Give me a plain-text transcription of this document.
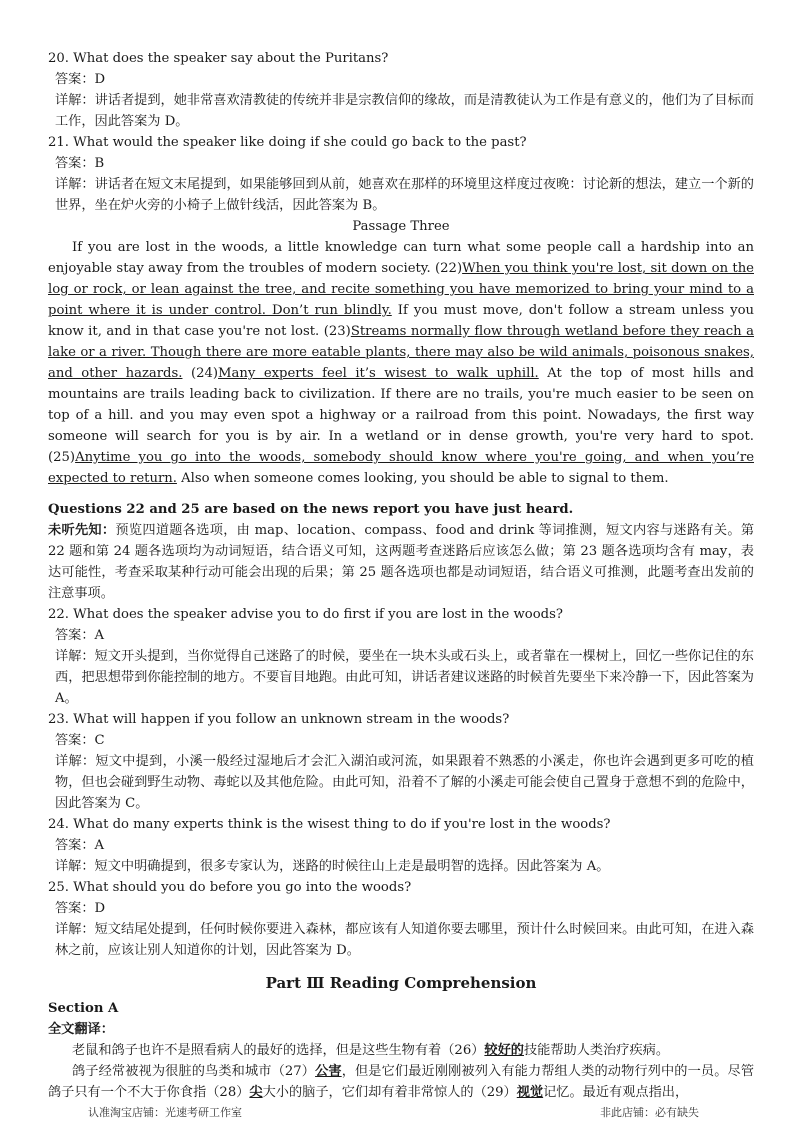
20. What does the speaker say about the Puritans?
答案：D
详解：讲话者提到，她非常喜欢清教徒的传统并非是宗教信仰的缘故，而是清教徒认为工作是有意义的，他们为了目标而工作，因此答案为 D。
21. What would the speaker like doing if she could go back to the past?
答案：B
详解：讲话者在短文末尾提到，如果能够回到从前，她喜欢在那样的环境里这样度过夜晚：讨论新的想法，建立一个新的世界，坐在炉火旁的小椅子上做针线活，因此答案为 B。
Passage Three

If you are lost in the woods, a little knowledge can turn what some people call a hardship into an enjoyable stay away from the troubles of modern society. (22)When you think you're lost, sit down on the log or rock, or lean against the tree, and recite something you have memorized to bring your mind to a point where it is under control. Don’t run blindly. If you must move, don't follow a stream unless you know it, and in that case you're not lost. (23)Streams normally flow through wetland before they reach a lake or a river. Though there are more eatable plants, there may also be wild animals, poisonous snakes, and other hazards. (24)Many experts feel it’s wisest to walk uphill. At the top of most hills and mountains are trails leading back to civilization. If there are no trails, you're much easier to be seen on top of a hill. and you may even spot a highway or a railroad from this point. Nowadays, the first way someone will search for you is by air. In a wetland or in dense growth, you're very hard to spot. (25)Anytime you go into the woods, somebody should know where you're going, and when you’re expected to return. Also when someone comes looking, you should be able to signal to them.

Questions 22 and 25 are based on the news report you have just heard.
未听先知：预览四道题各选项，由 map、location、compass、food and drink 等词推测，短文内容与迷路有关。第 22 题和第 24 题各选项均为动词短语，结合语义可知，这两题考查迷路后应该怎么做；第 23 题各选项均含有 may，表达可能性，考查采取某种行动可能会出现的后果；第 25 题各选项也都是动词短语，结合语义可推测，此题考查出发前的注意事项。
22. What does the speaker advise you to do first if you are lost in the woods?
答案：A
详解：短文开头提到，当你觉得自己迷路了的时候，要坐在一块木头或石头上，或者靠在一棵树上，回忆一些你记住的东西，把思想带到你能控制的地方。不要盲目地跑。由此可知，讲话者建议迷路的时候首先要坐下来冷静一下，因此答案为 A。
23. What will happen if you follow an unknown stream in the woods?
答案：C
详解：短文中提到，小溪一般经过湿地后才会汇入湖泊或河流，如果跟着不熟悉的小溪走，你也许会遇到更多可吃的植物，但也会碰到野生动物、毒蛇以及其他危险。由此可知，沿着不了解的小溪走可能会使自己置身于意想不到的危险中，因此答案为 C。
24. What do many experts think is the wisest thing to do if you're lost in the woods?
答案：A
详解：短文中明确提到，很多专家认为，迷路的时候往山上走是最明智的选择。因此答案为 A。
25. What should you do before you go into the woods?
答案：D
详解：短文结尾处提到，任何时候你要进入森林，都应该有人知道你要去哪里，预计什么时候回来。由此可知，在进入森林之前，应该让别人知道你的计划，因此答案为 D。
Part Ⅲ Reading Comprehension
Section A
全文翻译：

老鼠和鸽子也许不是照看病人的最好的选择，但是这些生物有着（26）较好的技能帮助人类治疗疾病。

鸽子经常被视为很脏的鸟类和城市（27）公害，但是它们最近刚刚被列入有能力帮组人类的动物行列中的一员。尽管鸽子只有一个不大于你食指（28）尖大小的脑子，它们却有着非常惊人的（29）视觉记忆。最近有观点指出，

认准淘宝店铺：光速考研工作室	非此店铺：必有缺失
